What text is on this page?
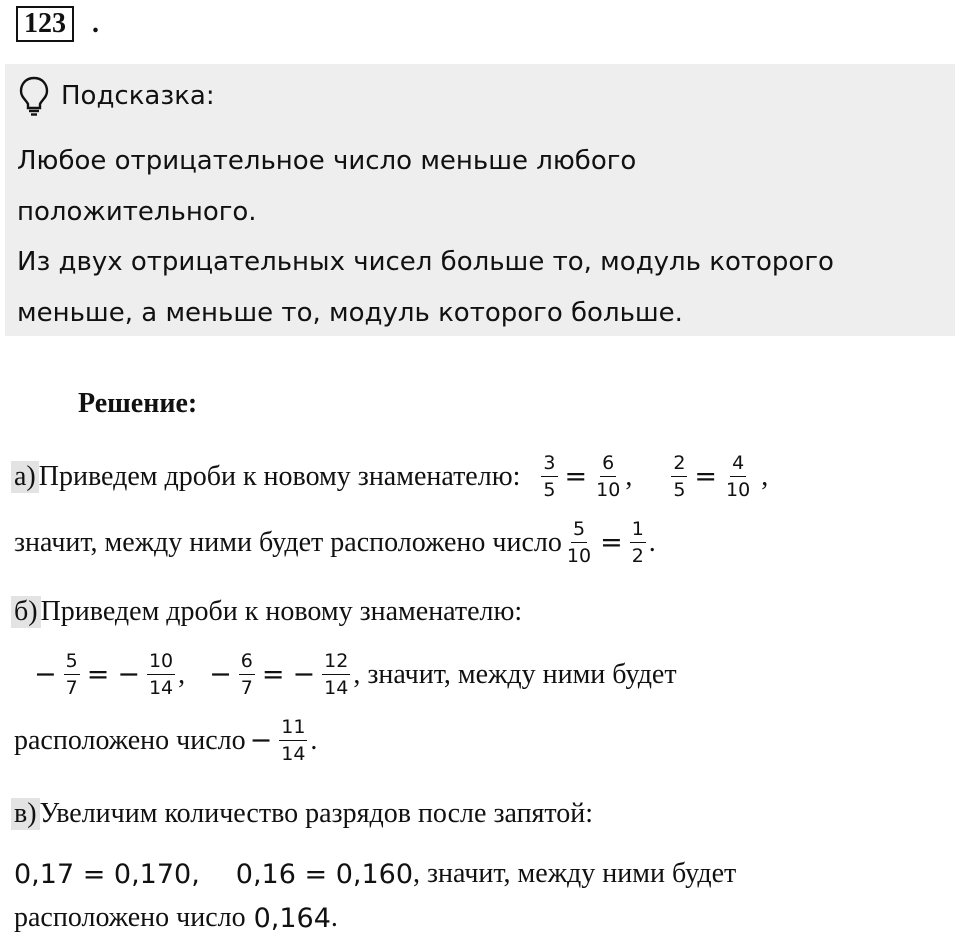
123 .
Подсказка:
Любое отрицательное число меньше любого
положительного.
Из двух отрицательных чисел больше то, модуль которого
меньше, а меньше то, модуль которого больше.
Решение:
а) Приведем дроби к новому знаменателю: $\frac{3}{5} = \frac{6}{10}$ , $\frac{2}{5} = \frac{4}{10}$ ,
значит, между ними будет расположено число $\frac{5}{10} = \frac{1}{2}$ .
б) Приведем дроби к новому знаменателю:
− $\frac{5}{7}$ = − $\frac{10}{14}$ , − $\frac{6}{7}$ = − $\frac{12}{14}$ , значит, между ними будет
расположено число − $\frac{11}{14}$ .
в) Увеличим количество разрядов после запятой:
0,17 = 0,170, 0,16 = 0,160 , значит, между ними будет
расположено число 0,164 .
